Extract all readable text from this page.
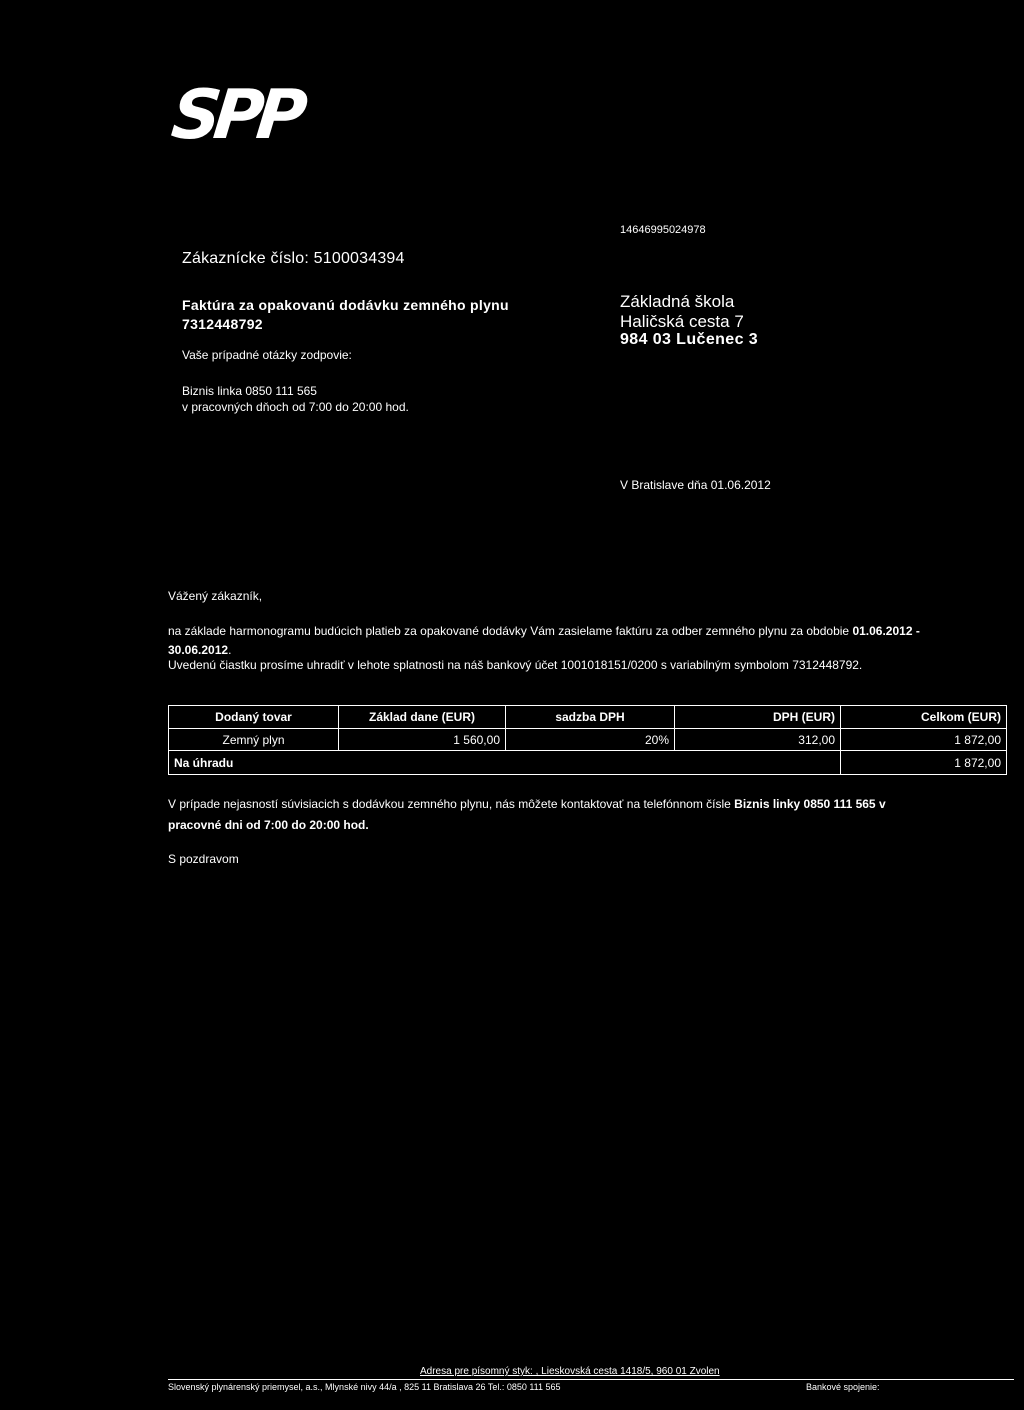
SPP
14646995024978
Zákaznícke číslo: 5100034394
Faktúra za opakovanú dodávku zemného plynu
7312448792
Vaše prípadné otázky zodpovie:
Biznis linka 0850 111 565
v pracovných dňoch od 7:00 do 20:00 hod.
Základná škola
Haličská cesta 7
984 03 Lučenec 3
V Bratislave dňa 01.06.2012
Vážený zákazník,
na základe harmonogramu budúcich platieb za opakované dodávky Vám zasielame faktúru za odber zemného plynu za obdobie 01.06.2012 -
30.06.2012.
Uvedenú čiastku prosíme uhradiť v lehote splatnosti na náš bankový účet 1001018151/0200 s variabilným symbolom 7312448792.
Dodaný tovar	Základ dane (EUR)	sadzba DPH	DPH (EUR)	Celkom (EUR)
Zemný plyn	1 560,00	20%	312,00	1 872,00
Na úhradu				1 872,00
V prípade nejasností súvisiacich s dodávkou zemného plynu, nás môžete kontaktovať na telefónnom čísle Biznis linky 0850 111 565 v
pracovné dni od 7:00 do 20:00 hod.
S pozdravom
Adresa pre písomný styk: , Lieskovská cesta 1418/5, 960 01 Zvolen
Slovenský plynárenský priemysel, a.s., Mlynské nivy 44/a , 825 11 Bratislava 26 Tel.: 0850 111 565	Bankové spojenie:
